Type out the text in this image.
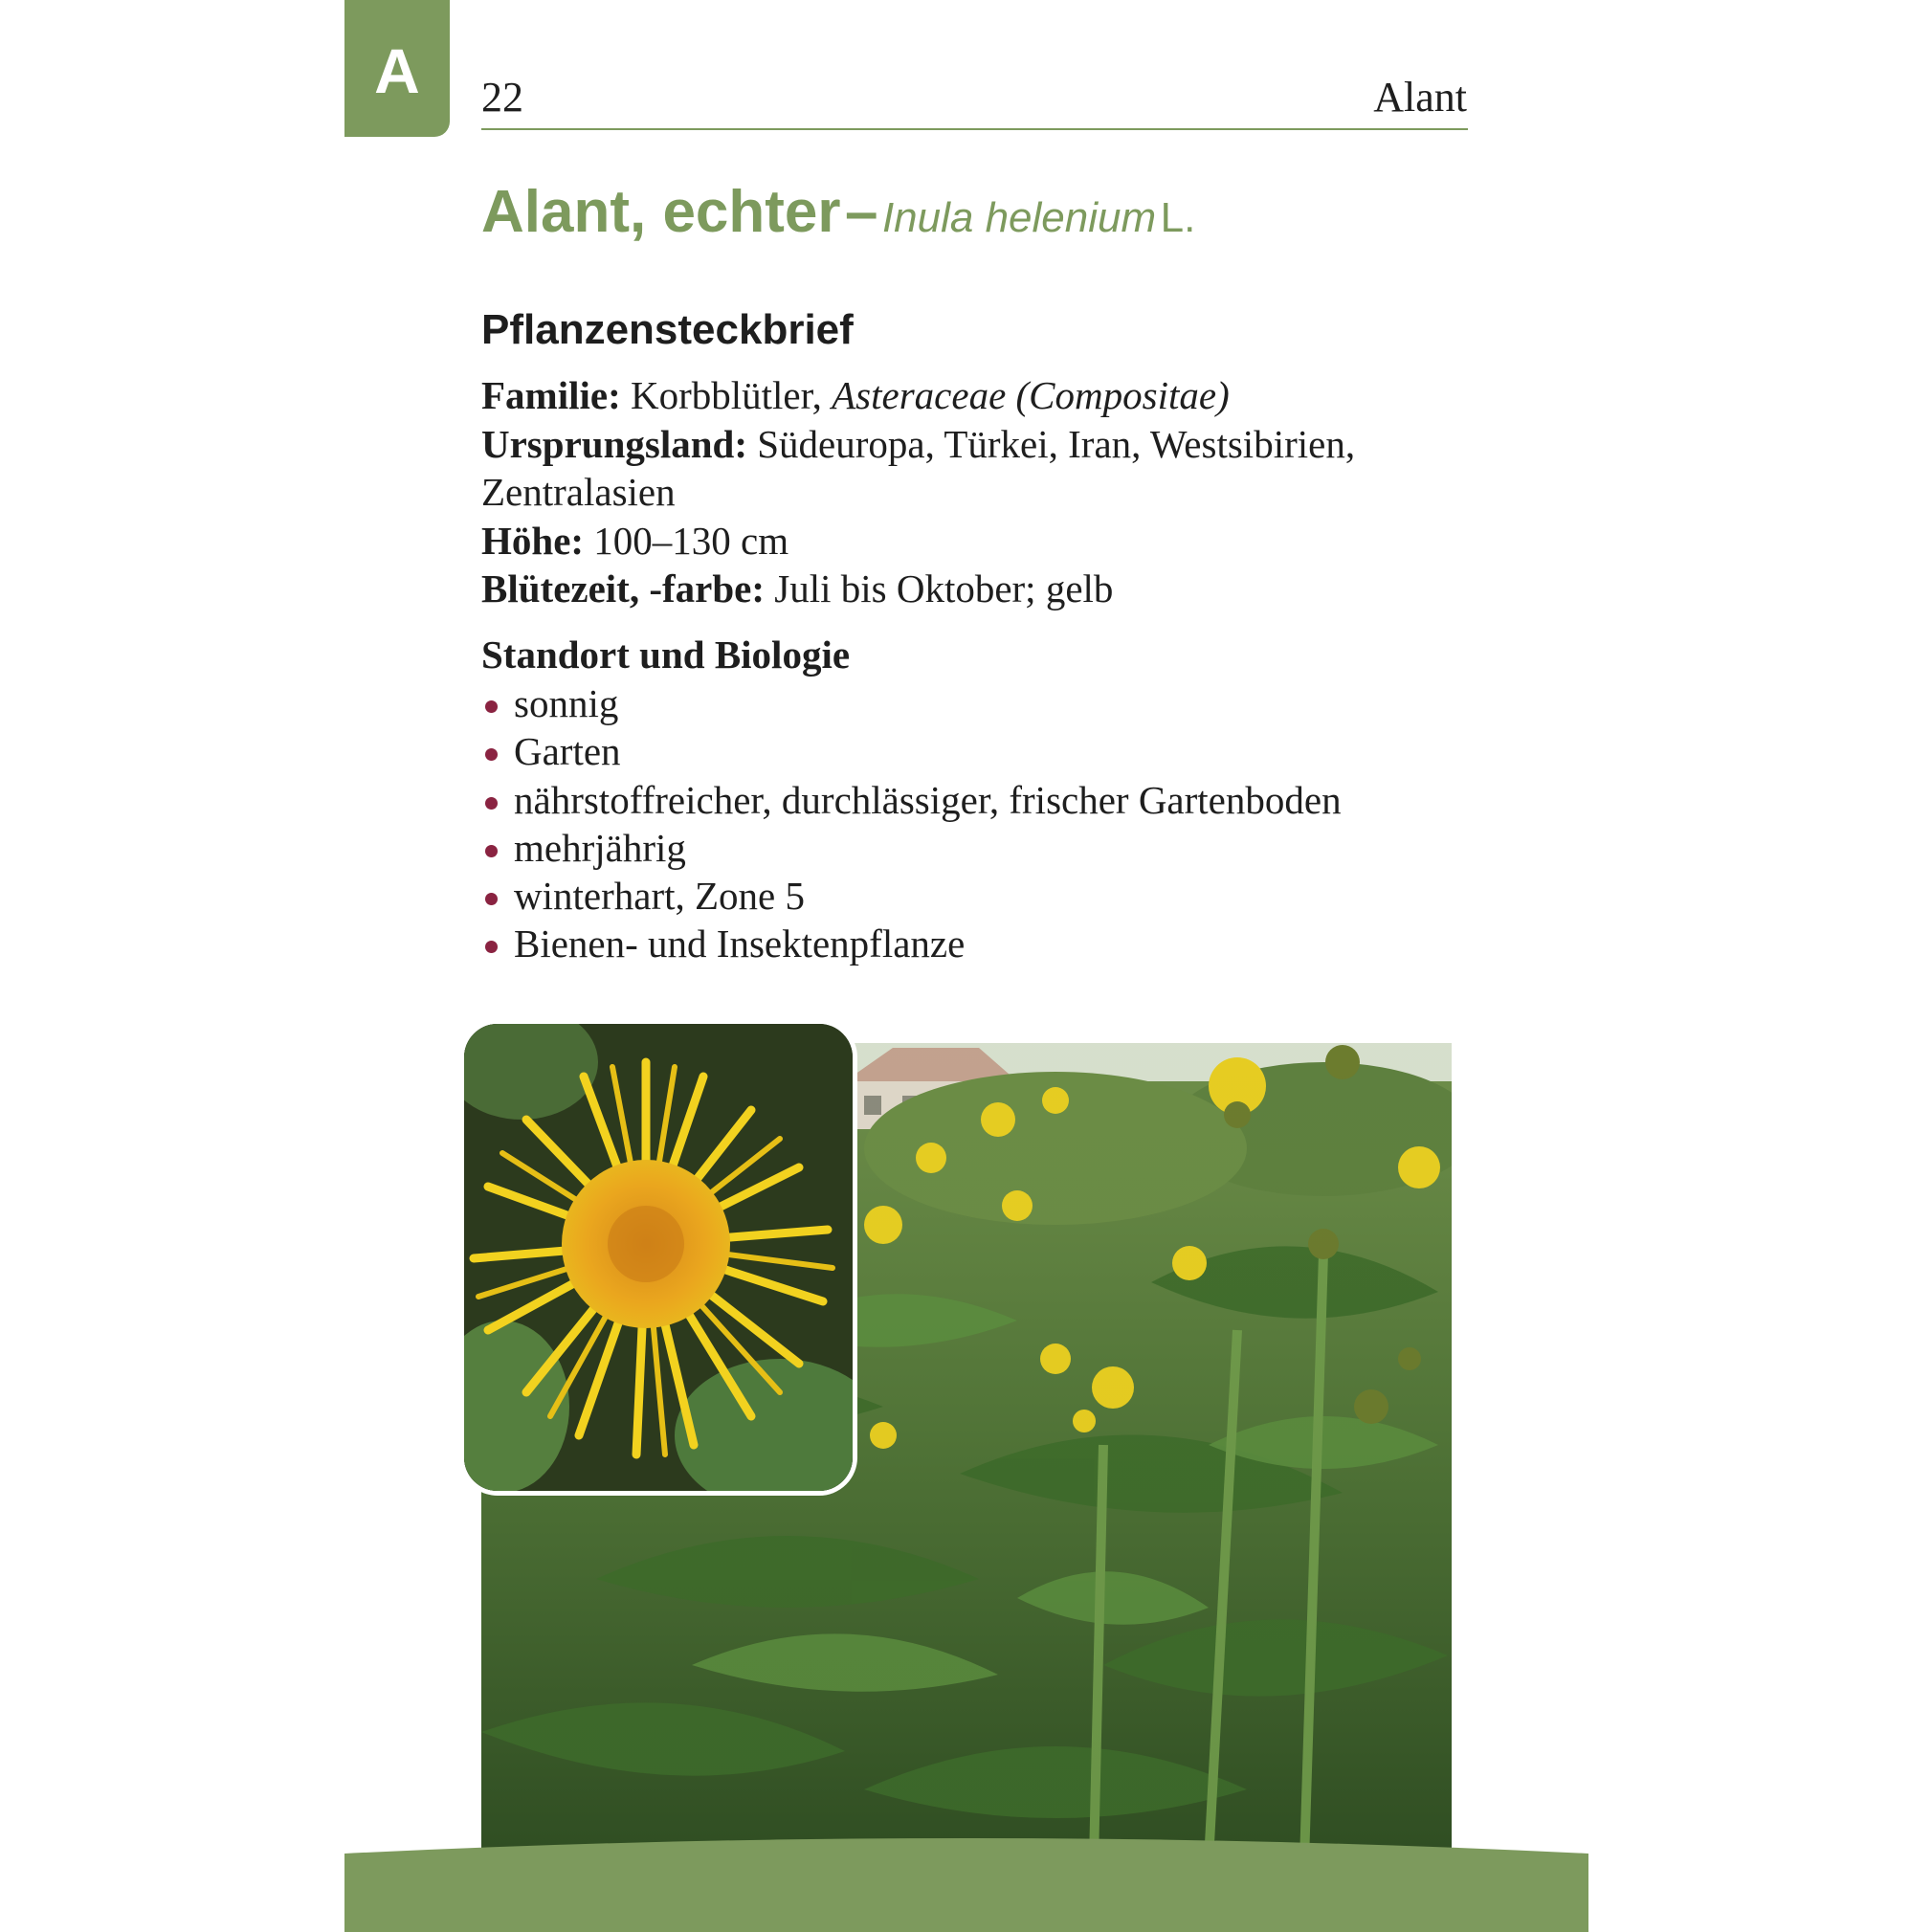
A 22	Alant
Alant, echter – Inula helenium L.
Pflanzensteckbrief

Familie: Korbblütler, Asteraceae (Compositae)

Ursprungsland: Südeuropa, Türkei, Iran, Westsibirien, Zentralasien

Höhe: 100–130 cm

Blütezeit, -farbe: Juli bis Oktober; gelb

Standort und Biologie
sonnig
Garten
nährstoffreicher, durchlässiger, frischer Gartenboden
mehrjährig
winterhart, Zone 5
Bienen- und Insektenpflanze
